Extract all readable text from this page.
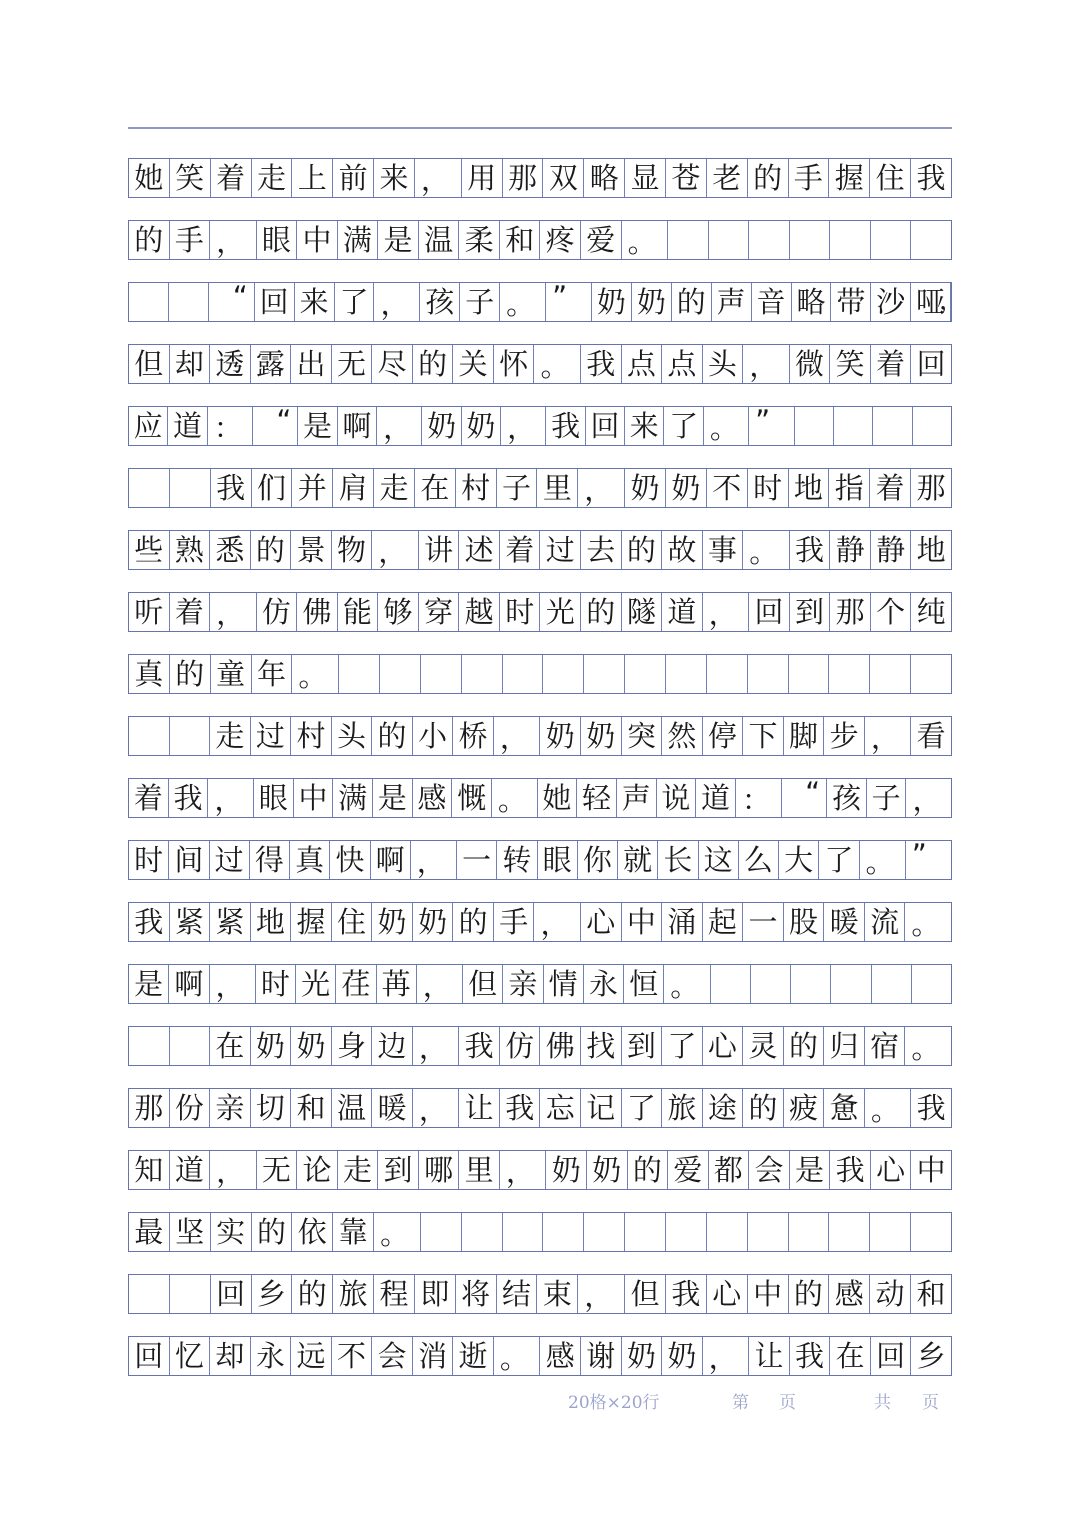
她 笑 着 走 上 前 来 ， 用 那 双 略 显 苍 老 的 手 握 住 我
的 手 ， 眼 中 满 是 温 柔 和 疼 爱 。
“ 回 来 了 ， 孩 子 。 ”	奶 奶 的 声 音 略 带 沙 哑
，
但 却 透 露 出 无 尽 的 关 怀 。 我 点 点 头 ， 微 笑 着 回
应 道 ：	“ 是 啊 ， 奶 奶 ， 我 回 来 了 。 ”
我 们 并 肩 走 在 村 子 里 ， 奶 奶 不 时 地 指 着 那
些 熟 悉 的 景 物 ， 讲 述 着 过 去 的 故 事 。 我 静 静 地
听 着 ， 仿 佛 能 够 穿 越 时 光 的 隧 道 ， 回 到 那 个 纯
真 的 童 年 。
走 过 村 头 的 小 桥 ， 奶 奶 突 然 停 下 脚 步 ， 看
着 我 ， 眼 中 满 是 感 慨 。 她 轻 声 说 道 ：	“ 孩 子 ，
时 间 过 得 真 快 啊 ， 一 转 眼 你 就 长 这 么 大 了 。 ”
我 紧 紧 地 握 住 奶 奶 的 手 ， 心 中 涌 起 一 股 暖 流 。
是 啊 ， 时 光 荏 苒 ， 但 亲 情 永 恒 。
在 奶 奶 身 边 ， 我 仿 佛 找 到 了 心 灵 的 归 宿 。
那 份 亲 切 和 温 暖 ， 让 我 忘 记 了 旅 途 的 疲 惫 。 我
知 道 ， 无 论 走 到 哪 里 ， 奶 奶 的 爱 都 会 是 我 心 中
最 坚 实 的 依 靠 。
回 乡 的 旅 程 即 将 结 束 ， 但 我 心 中 的 感 动 和
回 忆 却 永 远 不 会 消 逝 。 感 谢 奶 奶 ， 让 我 在 回 乡
20格×20行	第 页	共 页
